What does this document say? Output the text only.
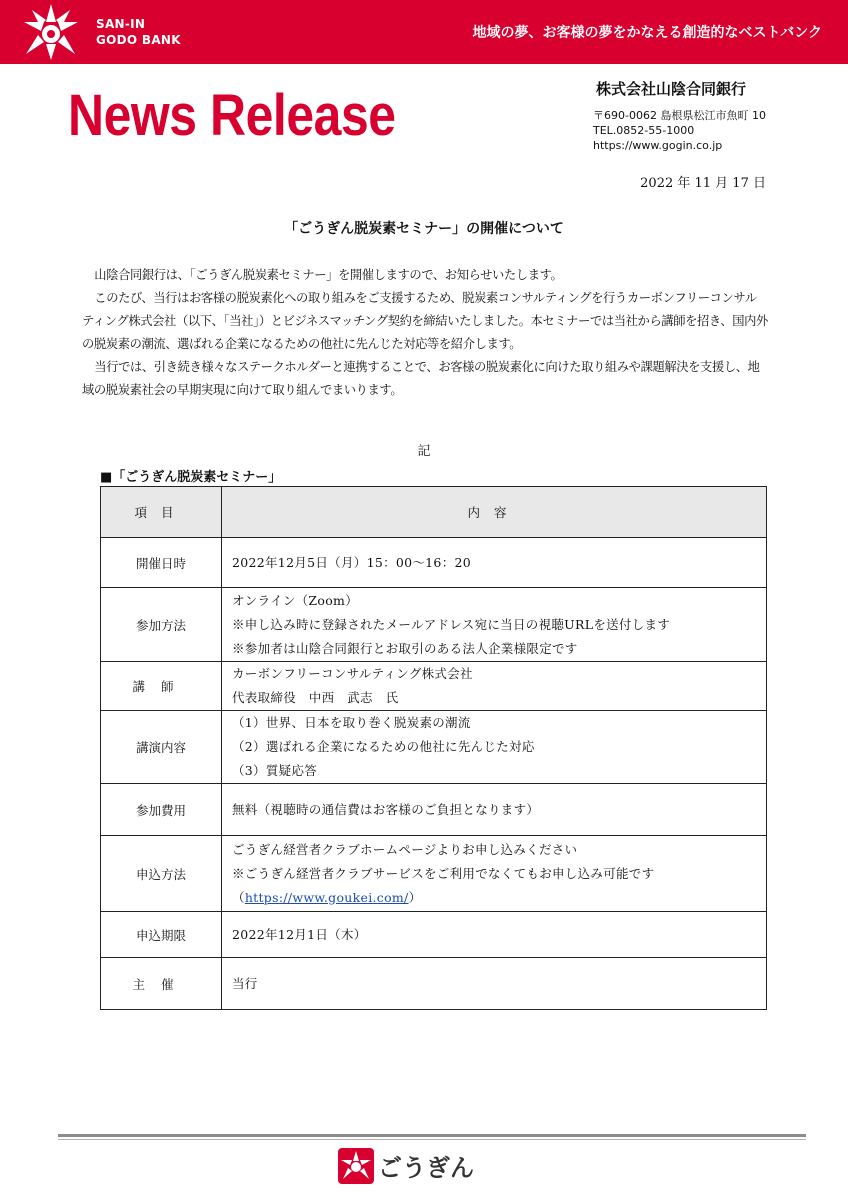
SAN-IN
GODO BANK	地域の夢、お客様の夢をかなえる創造的なベストバンク
News Release	株式会社山陰合同銀行
〒690-0062 島根県松江市魚町 10
TEL.0852-55-1000
https://www.gogin.co.jp
2022 年 11 月 17 日
「ごうぎん脱炭素セミナー」の開催について

山陰合同銀行は、「ごうぎん脱炭素セミナー」を開催しますので、お知らせいたします。

このたび、当行はお客様の脱炭素化への取り組みをご支援するため、脱炭素コンサルティングを行うカーボンフリーコンサルティング株式会社（以下、「当社」）とビジネスマッチング契約を締結いたしました。本セミナーでは当社から講師を招き、国内外の脱炭素の潮流、選ばれる企業になるための他社に先んじた対応等を紹介します。

当行では、引き続き様々なステークホルダーと連携することで、お客様の脱炭素化に向けた取り組みや課題解決を支援し、地域の脱炭素社会の早期実現に向けて取り組んでまいります。

記
■「ごうぎん脱炭素セミナー」
項目	内容
開催日時	2022年12月5日（月）15：00～16：20

参加方法	オンライン（Zoom）
※申し込み時に登録されたメールアドレス宛に当日の視聴URLを送付します
※参加者は山陰合同銀行とお取引のある法人企業様限定です

講師	カーボンフリーコンサルティング株式会社
代表取締役　中西　武志　氏

講演内容	（1）世界、日本を取り巻く脱炭素の潮流
（2）選ばれる企業になるための他社に先んじた対応
（3）質疑応答

参加費用	無料（視聴時の通信費はお客様のご負担となります）

申込方法	ごうぎん経営者クラブホームページよりお申し込みください
※ごうぎん経営者クラブサービスをご利用でなくてもお申し込み可能です
（https://www.goukei.com/）

申込期限	2022年12月1日（木）

主催	当行
ごうぎん
